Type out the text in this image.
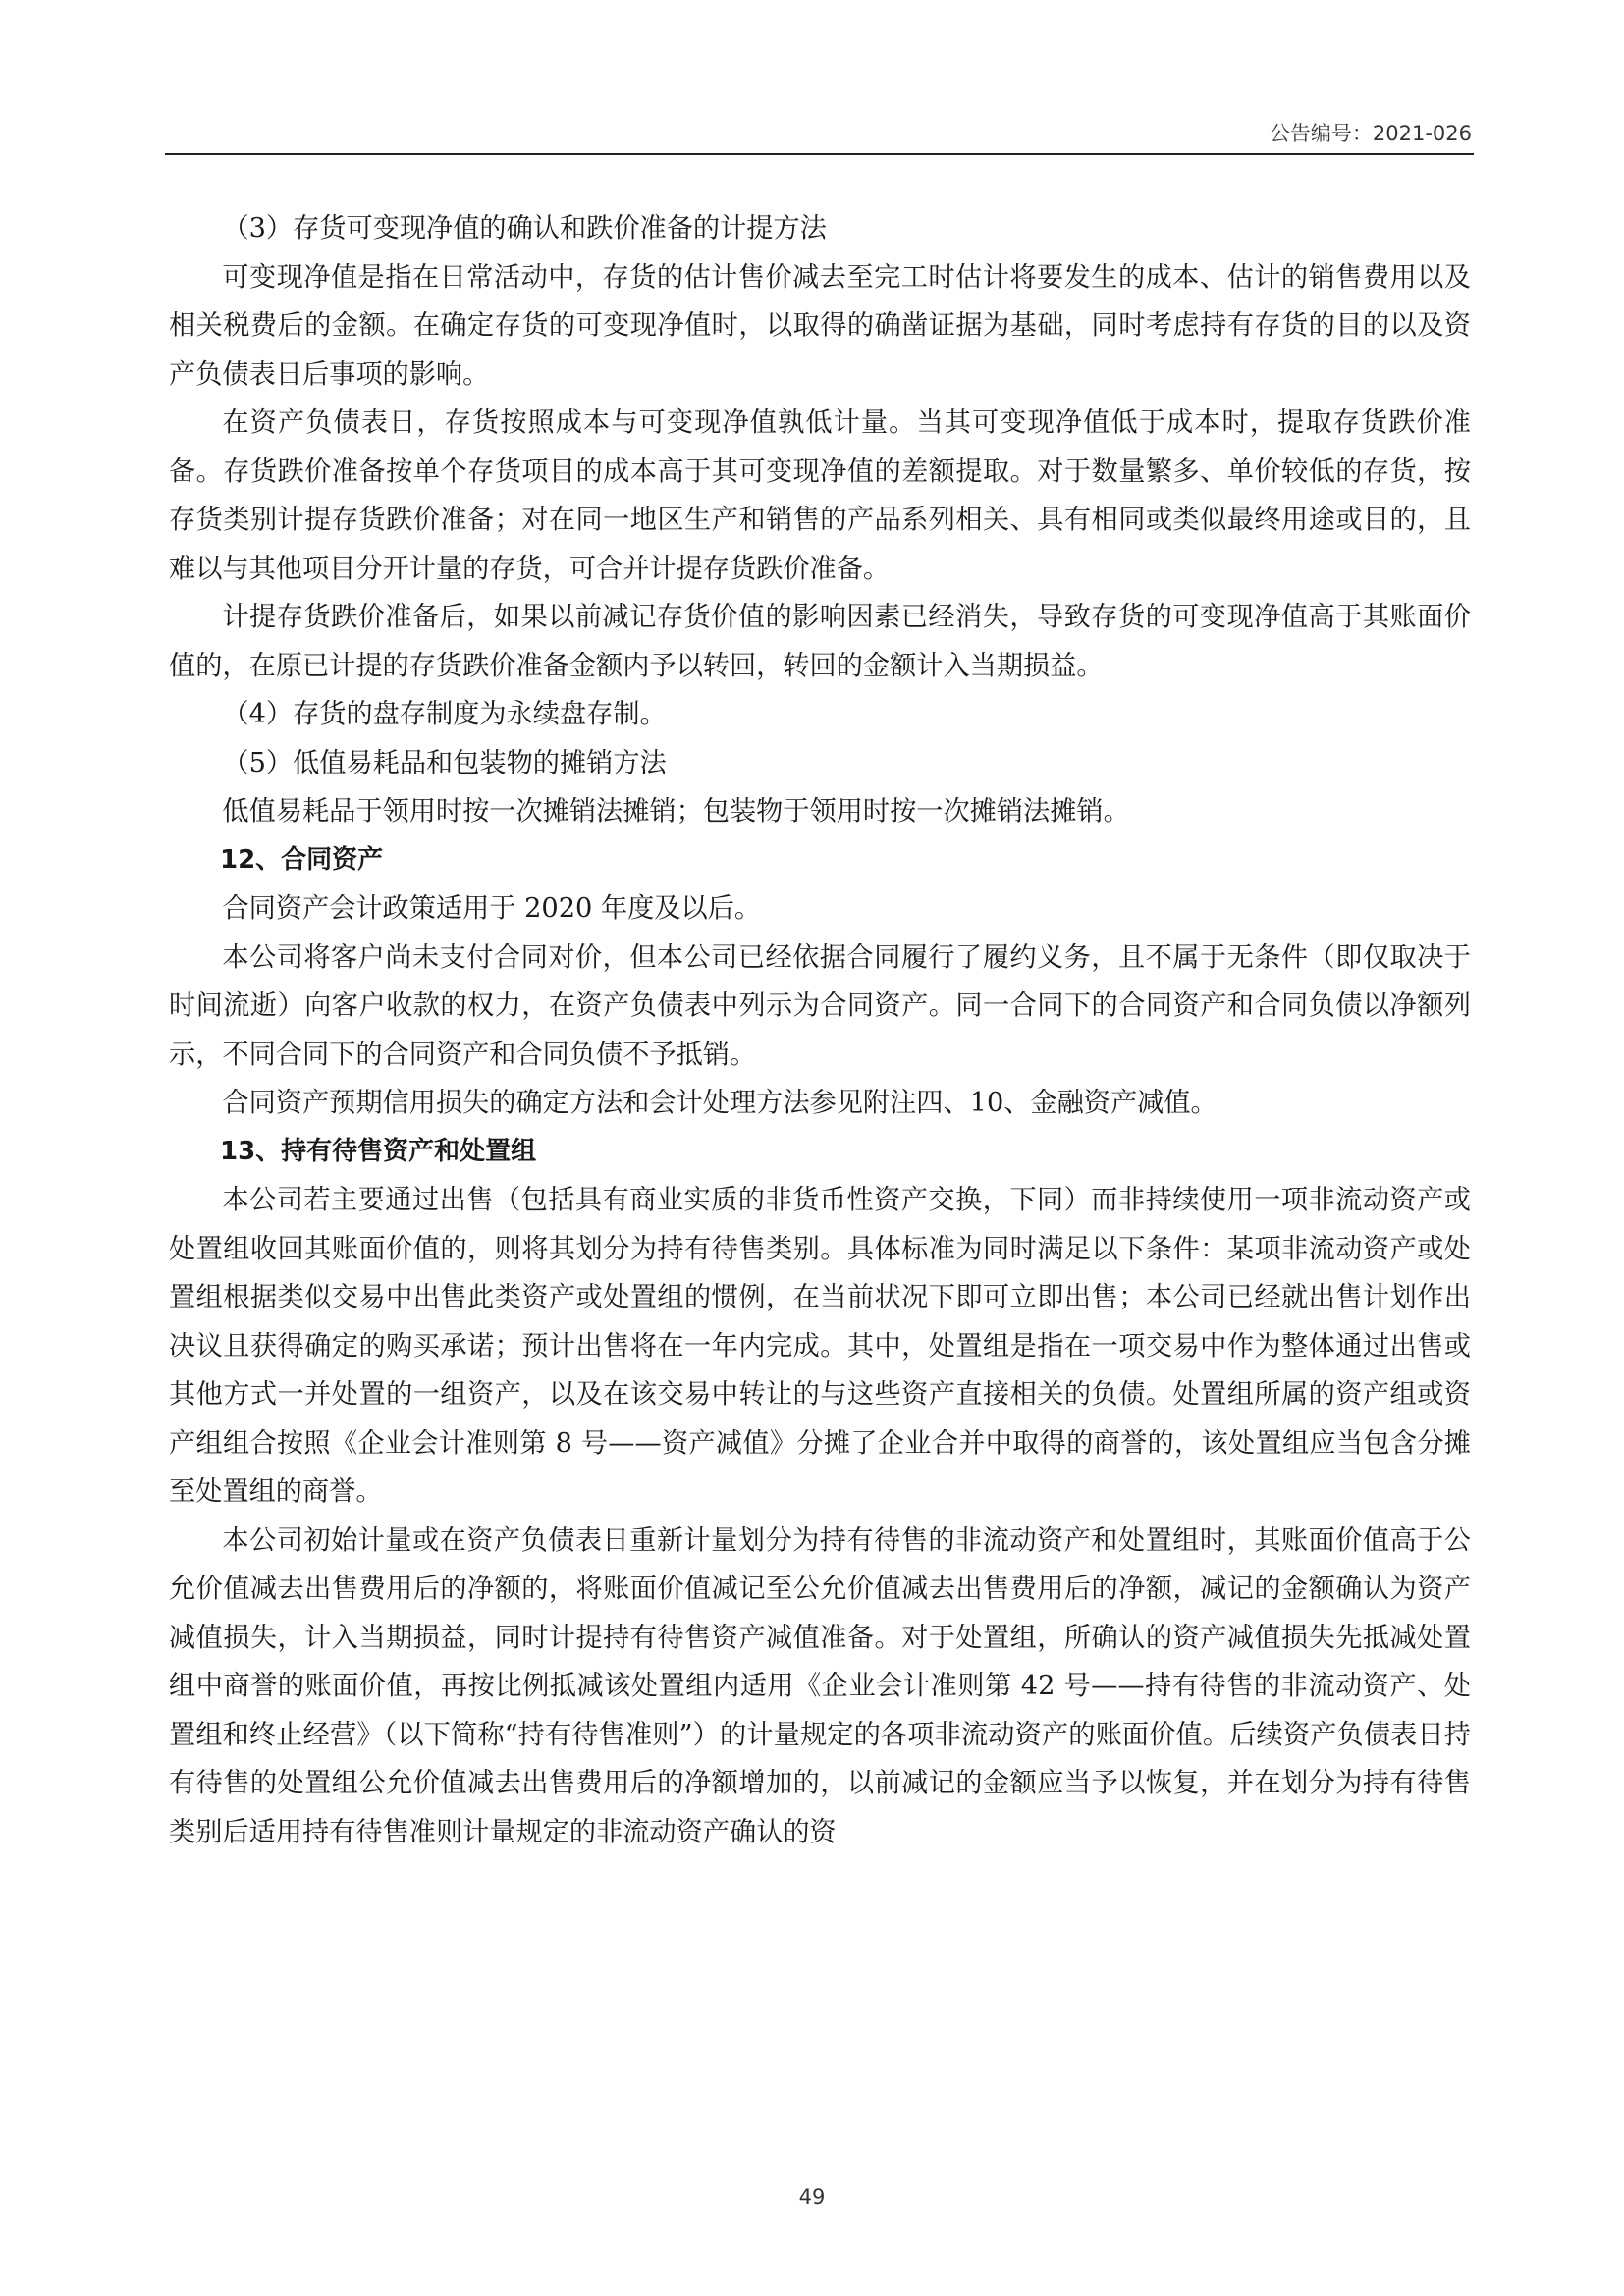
公告编号：2021-026

（3）存货可变现净值的确认和跌价准备的计提方法

可变现净值是指在日常活动中，存货的估计售价减去至完工时估计将要发生的成本、估计的销售费用以及相关税费后的金额。在确定存货的可变现净值时，以取得的确凿证据为基础，同时考虑持有存货的目的以及资产负债表日后事项的影响。

在资产负债表日，存货按照成本与可变现净值孰低计量。当其可变现净值低于成本时，提取存货跌价准备。存货跌价准备按单个存货项目的成本高于其可变现净值的差额提取。对于数量繁多、单价较低的存货，按存货类别计提存货跌价准备；对在同一地区生产和销售的产品系列相关、具有相同或类似最终用途或目的，且难以与其他项目分开计量的存货，可合并计提存货跌价准备。

计提存货跌价准备后，如果以前减记存货价值的影响因素已经消失，导致存货的可变现净值高于其账面价值的，在原已计提的存货跌价准备金额内予以转回，转回的金额计入当期损益。

（4）存货的盘存制度为永续盘存制。

（5）低值易耗品和包装物的摊销方法

低值易耗品于领用时按一次摊销法摊销；包装物于领用时按一次摊销法摊销。

12、合同资产

合同资产会计政策适用于 2020 年度及以后。

本公司将客户尚未支付合同对价，但本公司已经依据合同履行了履约义务，且不属于无条件（即仅取决于时间流逝）向客户收款的权力，在资产负债表中列示为合同资产。同一合同下的合同资产和合同负债以净额列示，不同合同下的合同资产和合同负债不予抵销。

合同资产预期信用损失的确定方法和会计处理方法参见附注四、10、金融资产减值。

13、持有待售资产和处置组

本公司若主要通过出售（包括具有商业实质的非货币性资产交换，下同）而非持续使用一项非流动资产或处置组收回其账面价值的，则将其划分为持有待售类别。具体标准为同时满足以下条件：某项非流动资产或处置组根据类似交易中出售此类资产或处置组的惯例，在当前状况下即可立即出售；本公司已经就出售计划作出决议且获得确定的购买承诺；预计出售将在一年内完成。其中，处置组是指在一项交易中作为整体通过出售或其他方式一并处置的一组资产，以及在该交易中转让的与这些资产直接相关的负债。处置组所属的资产组或资产组组合按照《企业会计准则第 8 号——资产减值》分摊了企业合并中取得的商誉的，该处置组应当包含分摊至处置组的商誉。

本公司初始计量或在资产负债表日重新计量划分为持有待售的非流动资产和处置组时，其账面价值高于公允价值减去出售费用后的净额的，将账面价值减记至公允价值减去出售费用后的净额，减记的金额确认为资产减值损失，计入当期损益，同时计提持有待售资产减值准备。对于处置组，所确认的资产减值损失先抵减处置组中商誉的账面价值，再按比例抵减该处置组内适用《企业会计准则第 42 号——持有待售的非流动资产、处置组和终止经营》（以下简称“持有待售准则”）的计量规定的各项非流动资产的账面价值。后续资产负债表日持有待售的处置组公允价值减去出售费用后的净额增加的，以前减记的金额应当予以恢复，并在划分为持有待售类别后适用持有待售准则计量规定的非流动资产确认的资

49
